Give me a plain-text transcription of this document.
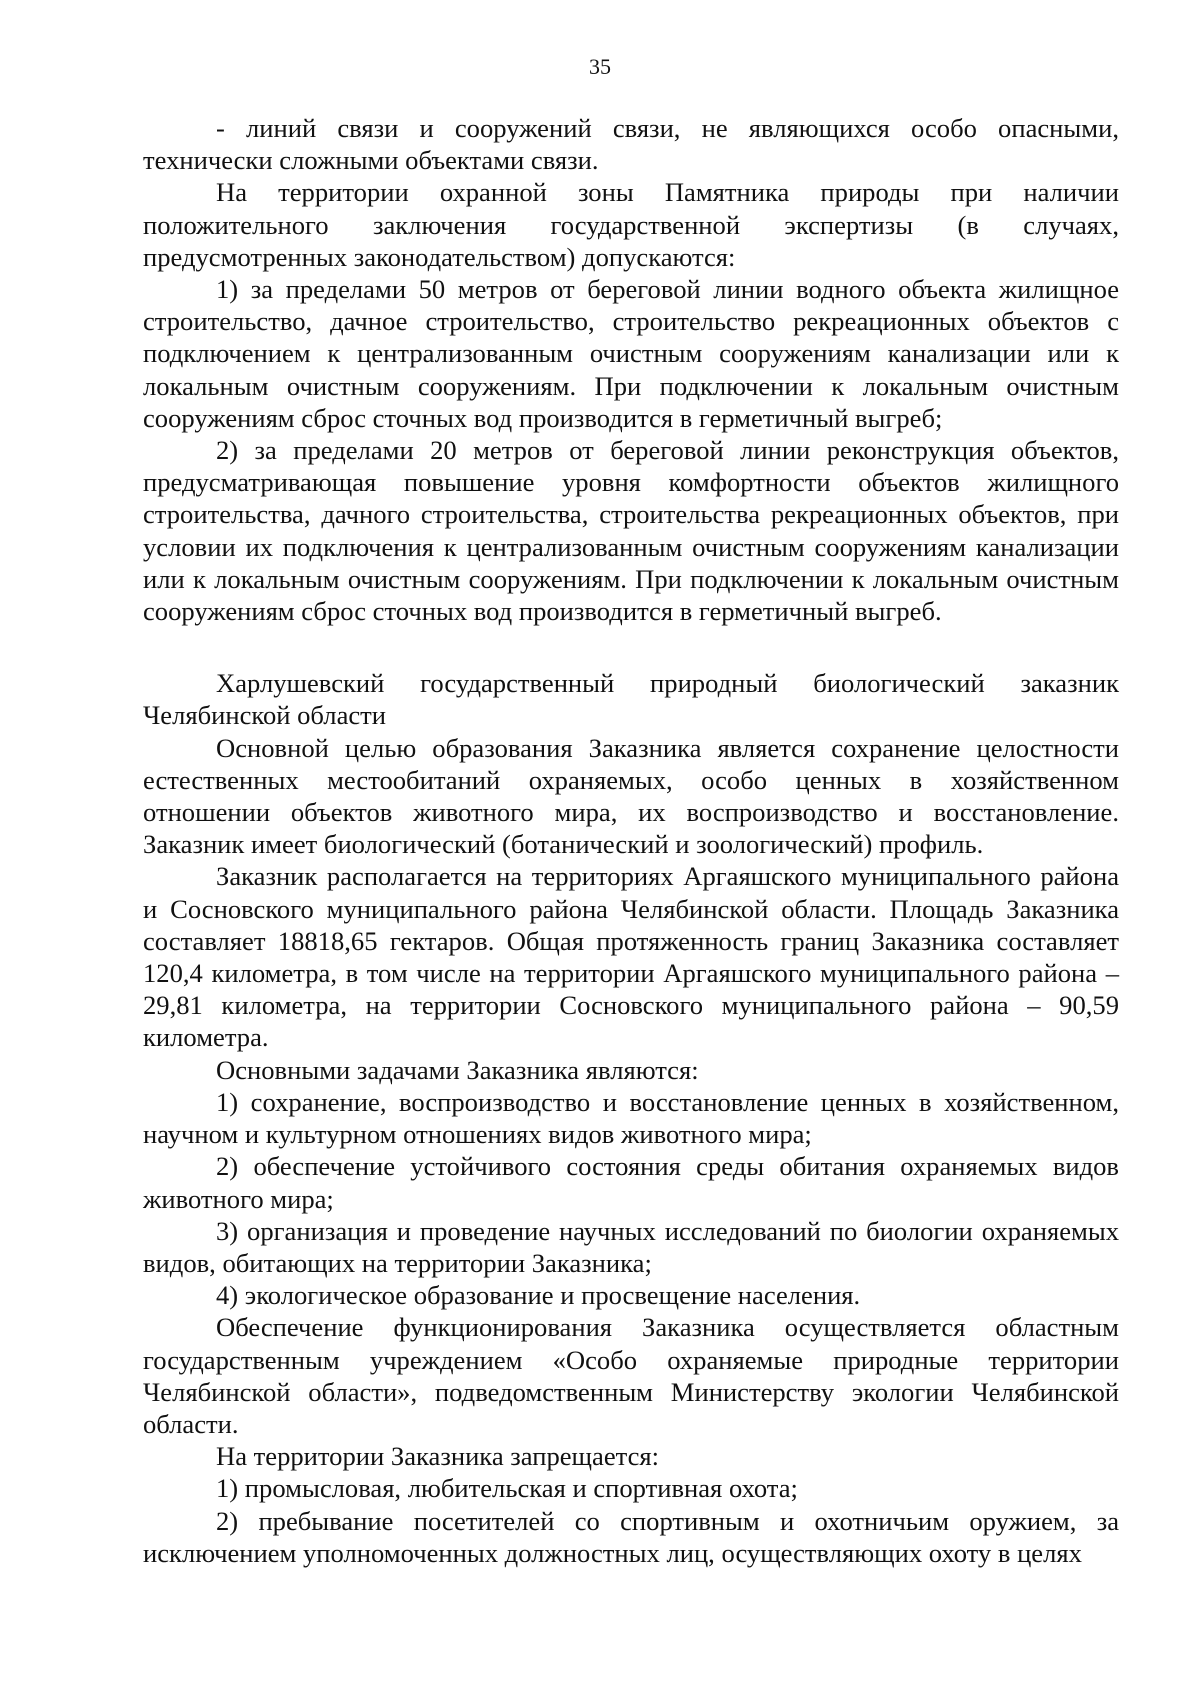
35

- линий связи и сооружений связи, не являющихся особо опасными, технически сложными объектами связи.

На территории охранной зоны Памятника природы при наличии положительного заключения государственной экспертизы (в случаях, предусмотренных законодательством) допускаются:

1) за пределами 50 метров от береговой линии водного объекта жилищное строительство, дачное строительство, строительство рекреационных объектов с подключением к централизованным очистным сооружениям канализации или к локальным очистным сооружениям. При подключении к локальным очистным сооружениям сброс сточных вод производится в герметичный выгреб;

2) за пределами 20 метров от береговой линии реконструкция объектов, предусматривающая повышение уровня комфортности объектов жилищного строительства, дачного строительства, строительства рекреационных объектов, при условии их подключения к централизованным очистным сооружениям канализации или к локальным очистным сооружениям. При подключении к локальным очистным сооружениям сброс сточных вод производится в герметичный выгреб.

Харлушевский государственный природный биологический заказник Челябинской области

Основной целью образования Заказника является сохранение целостности естественных местообитаний охраняемых, особо ценных в хозяйственном отношении объектов животного мира, их воспроизводство и восстановление. Заказник имеет биологический (ботанический и зоологический) профиль.

Заказник располагается на территориях Аргаяшского муниципального района и Сосновского муниципального района Челябинской области. Площадь Заказника составляет 18818,65 гектаров. Общая протяженность границ Заказника составляет 120,4 километра, в том числе на территории Аргаяшского муниципального района – 29,81 километра, на территории Сосновского муниципального района – 90,59 километра.

Основными задачами Заказника являются:

1) сохранение, воспроизводство и восстановление ценных в хозяйственном, научном и культурном отношениях видов животного мира;

2) обеспечение устойчивого состояния среды обитания охраняемых видов животного мира;

3) организация и проведение научных исследований по биологии охраняемых видов, обитающих на территории Заказника;

4) экологическое образование и просвещение населения.

Обеспечение функционирования Заказника осуществляется областным государственным учреждением «Особо охраняемые природные территории Челябинской области», подведомственным Министерству экологии Челябинской области.

На территории Заказника запрещается:

1) промысловая, любительская и спортивная охота;

2) пребывание посетителей со спортивным и охотничьим оружием, за исключением уполномоченных должностных лиц, осуществляющих охоту в целях
